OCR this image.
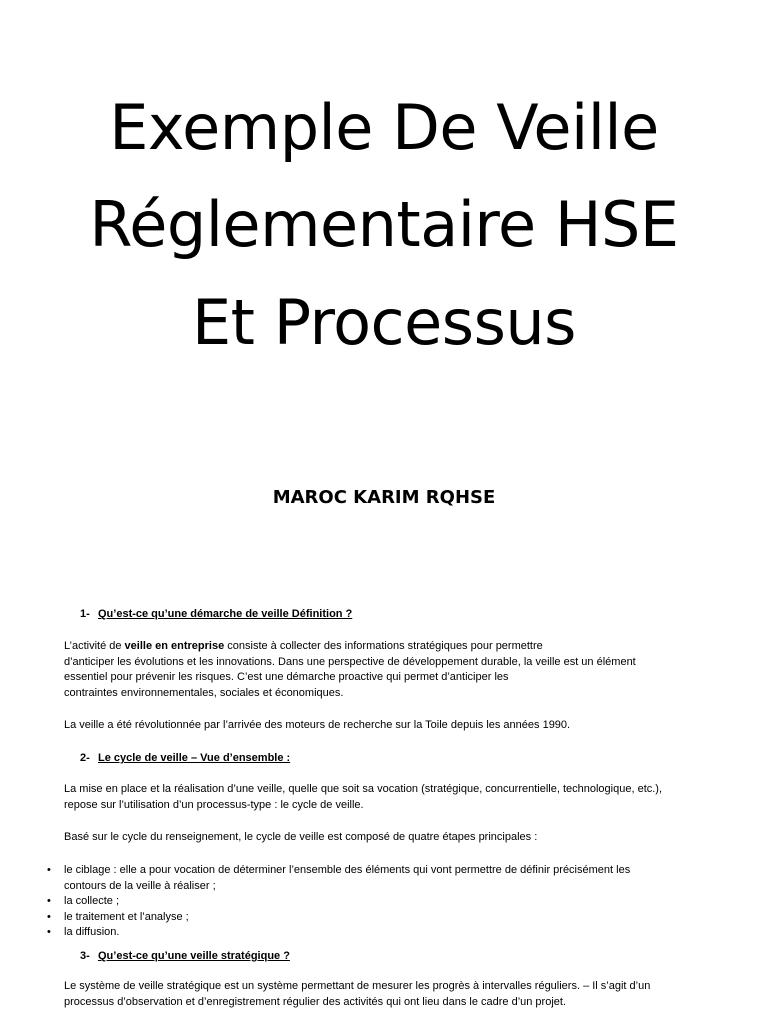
Exemple De Veille
Réglementaire HSE
Et Processus
MAROC KARIM RQHSE
1- Qu’est-ce qu’une démarche de veille Définition ?
L’activité de veille en entreprise consiste à collecter des informations stratégiques pour permettre
d’anticiper les évolutions et les innovations. Dans une perspective de développement durable, la veille est un élément
essentiel pour prévenir les risques. C’est une démarche proactive qui permet d’anticiper les
contraintes environnementales, sociales et économiques.
La veille a été révolutionnée par l’arrivée des moteurs de recherche sur la Toile depuis les années 1990.
2- Le cycle de veille – Vue d’ensemble :
La mise en place et la réalisation d’une veille, quelle que soit sa vocation (stratégique, concurrentielle, technologique, etc.),
repose sur l’utilisation d’un processus-type : le cycle de veille.
Basé sur le cycle du renseignement, le cycle de veille est composé de quatre étapes principales :
• le ciblage : elle a pour vocation de déterminer l’ensemble des éléments qui vont permettre de définir précisément les
contours de la veille à réaliser ;
• la collecte ;
• le traitement et l’analyse ;
• la diffusion.
3- Qu’est-ce qu’une veille stratégique ?
Le système de veille stratégique est un système permettant de mesurer les progrès à intervalles réguliers. – Il s’agit d’un
processus d’observation et d’enregistrement régulier des activités qui ont lieu dans le cadre d’un projet.
